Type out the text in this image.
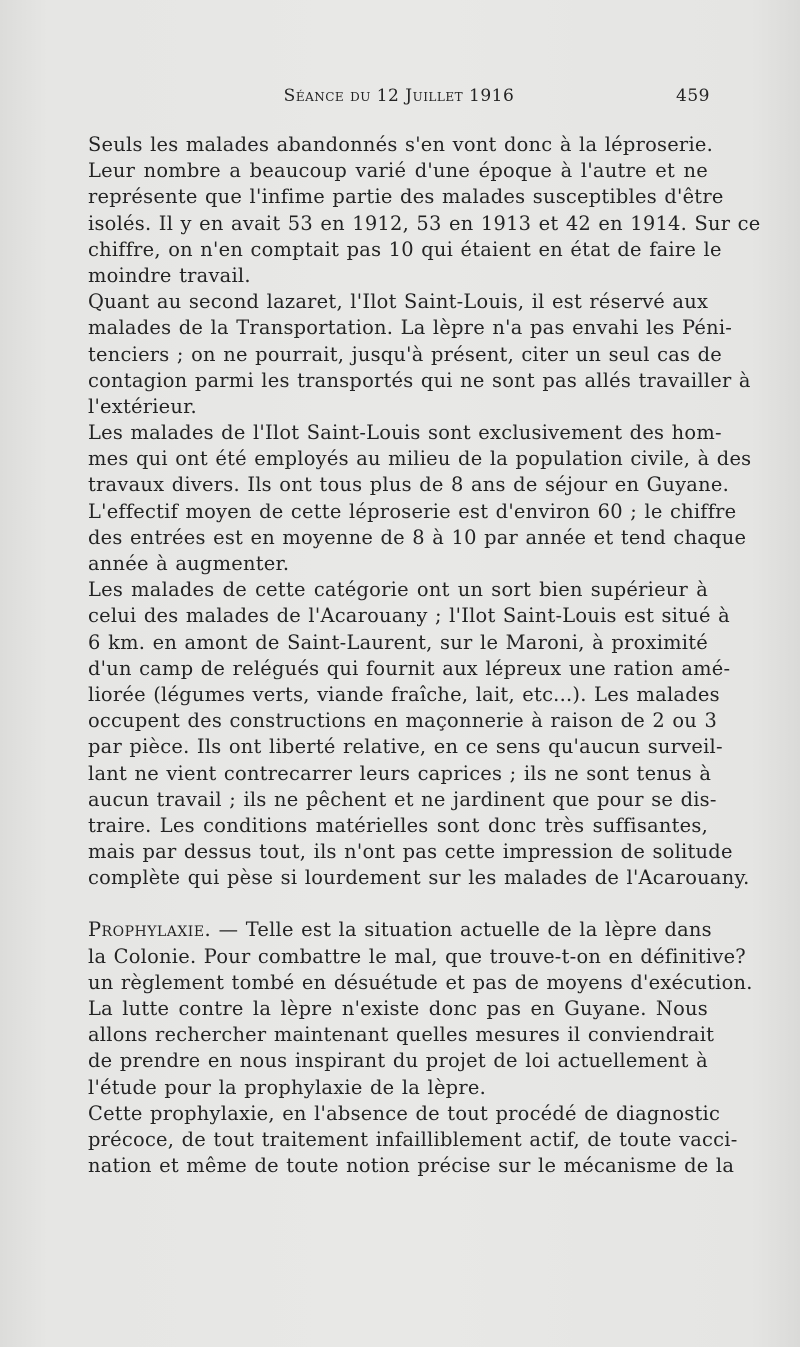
Séance du 12 Juillet 1916	459

Seuls les malades abandonnés s'en vont donc à la léproserie.
Leur nombre a beaucoup varié d'une époque à l'autre et ne
représente que l'infime partie des malades susceptibles d'être
isolés. Il y en avait 53 en 1912, 53 en 1913 et 42 en 1914. Sur ce
chiffre, on n'en comptait pas 10 qui étaient en état de faire le
moindre travail.

Quant au second lazaret, l'Ilot Saint-Louis, il est réservé aux
malades de la Transportation. La lèpre n'a pas envahi les Péni-
tenciers ; on ne pourrait, jusqu'à présent, citer un seul cas de
contagion parmi les transportés qui ne sont pas allés travailler à
l'extérieur.

Les malades de l'Ilot Saint-Louis sont exclusivement des hom-
mes qui ont été employés au milieu de la population civile, à des
travaux divers. Ils ont tous plus de 8 ans de séjour en Guyane.
L'effectif moyen de cette léproserie est d'environ 60 ; le chiffre
des entrées est en moyenne de 8 à 10 par année et tend chaque
année à augmenter.

Les malades de cette catégorie ont un sort bien supérieur à
celui des malades de l'Acarouany ; l'Ilot Saint-Louis est situé à
6 km. en amont de Saint-Laurent, sur le Maroni, à proximité
d'un camp de relégués qui fournit aux lépreux une ration amé-
liorée (légumes verts, viande fraîche, lait, etc...). Les malades
occupent des constructions en maçonnerie à raison de 2 ou 3
par pièce. Ils ont liberté relative, en ce sens qu'aucun surveil-
lant ne vient contrecarrer leurs caprices ; ils ne sont tenus à
aucun travail ; ils ne pêchent et ne jardinent que pour se dis-
traire. Les conditions matérielles sont donc très suffisantes,
mais par dessus tout, ils n'ont pas cette impression de solitude
complète qui pèse si lourdement sur les malades de l'Acarouany.

Prophylaxie. — Telle est la situation actuelle de la lèpre dans
la Colonie. Pour combattre le mal, que trouve-t-on en définitive?
un règlement tombé en désuétude et pas de moyens d'exécution.
La lutte contre la lèpre n'existe donc pas en Guyane. Nous
allons rechercher maintenant quelles mesures il conviendrait
de prendre en nous inspirant du projet de loi actuellement à
l'étude pour la prophylaxie de la lèpre.

Cette prophylaxie, en l'absence de tout procédé de diagnostic
précoce, de tout traitement infailliblement actif, de toute vacci-
nation et même de toute notion précise sur le mécanisme de la
